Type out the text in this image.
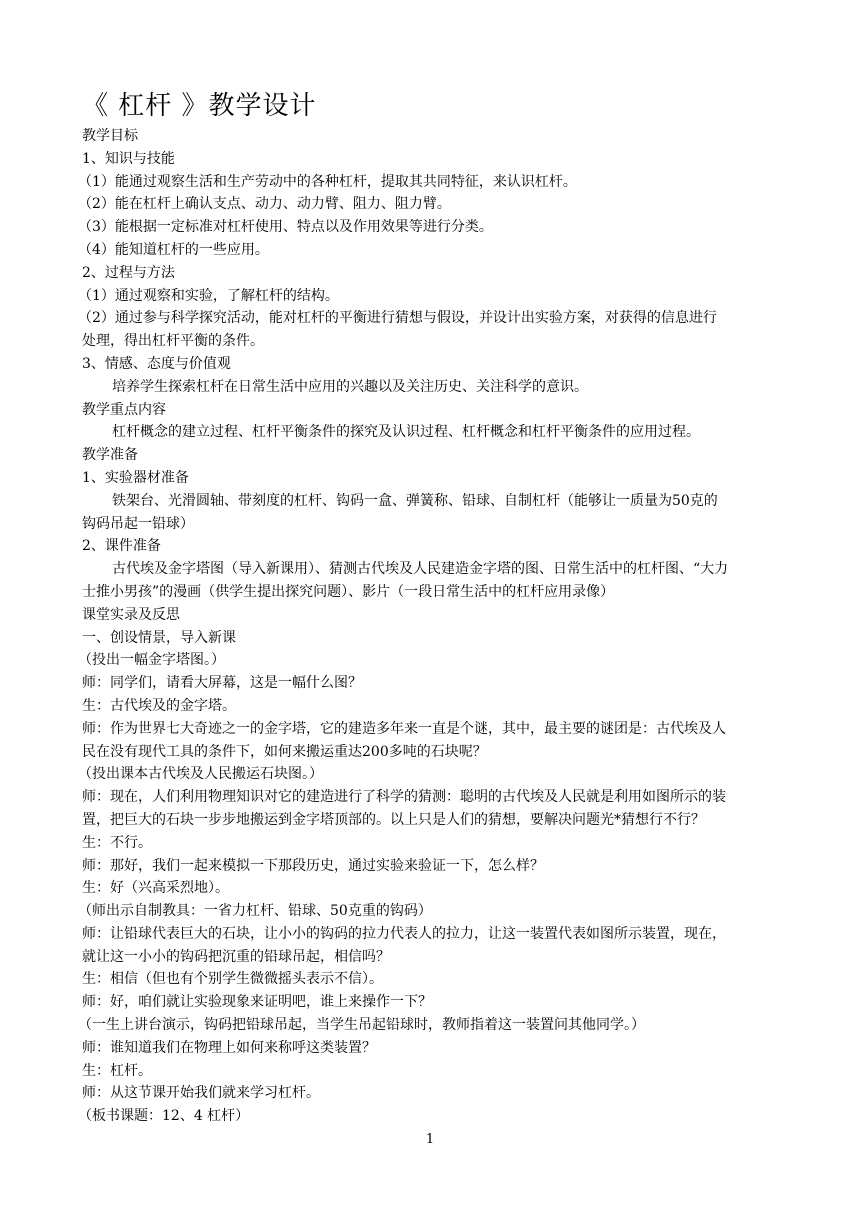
《 杠杆 》教学设计
教学目标
1、知识与技能
（1）能通过观察生活和生产劳动中的各种杠杆，提取其共同特征，来认识杠杆。
（2）能在杠杆上确认支点、动力、动力臂、阻力、阻力臂。
（3）能根据一定标准对杠杆使用、特点以及作用效果等进行分类。
（4）能知道杠杆的一些应用。
2、过程与方法
（1）通过观察和实验，了解杠杆的结构。
（2）通过参与科学探究活动，能对杠杆的平衡进行猜想与假设，并设计出实验方案，对获得的信息进行
处理，得出杠杆平衡的条件。
3、情感、态度与价值观
培养学生探索杠杆在日常生活中应用的兴趣以及关注历史、关注科学的意识。
教学重点内容
杠杆概念的建立过程、杠杆平衡条件的探究及认识过程、杠杆概念和杠杆平衡条件的应用过程。
教学准备
1、实验器材准备
铁架台、光滑圆轴、带刻度的杠杆、钩码一盒、弹簧称、铅球、自制杠杆（能够让一质量为50克的
钩码吊起一铅球）
2、课件准备
古代埃及金字塔图（导入新课用）、猜测古代埃及人民建造金字塔的图、日常生活中的杠杆图、“大力
士推小男孩”的漫画（供学生提出探究问题）、影片（一段日常生活中的杠杆应用录像）
课堂实录及反思
一、创设情景，导入新课
（投出一幅金字塔图。）
师：同学们，请看大屏幕，这是一幅什么图？
生：古代埃及的金字塔。
师：作为世界七大奇迹之一的金字塔，它的建造多年来一直是个谜，其中，最主要的谜团是：古代埃及人
民在没有现代工具的条件下，如何来搬运重达200多吨的石块呢？
（投出课本古代埃及人民搬运石块图。）
师：现在，人们利用物理知识对它的建造进行了科学的猜测：聪明的古代埃及人民就是利用如图所示的装
置，把巨大的石块一步步地搬运到金字塔顶部的。以上只是人们的猜想，要解决问题光*猜想行不行？
生：不行。
师：那好，我们一起来模拟一下那段历史，通过实验来验证一下，怎么样？
生：好（兴高采烈地）。
（师出示自制教具：一省力杠杆、铅球、50克重的钩码）
师：让铅球代表巨大的石块，让小小的钩码的拉力代表人的拉力，让这一装置代表如图所示装置，现在，
就让这一小小的钩码把沉重的铅球吊起，相信吗？
生：相信（但也有个别学生微微摇头表示不信）。
师：好，咱们就让实验现象来证明吧，谁上来操作一下？
（一生上讲台演示，钩码把铅球吊起，当学生吊起铅球时，教师指着这一装置问其他同学。）
师：谁知道我们在物理上如何来称呼这类装置？
生：杠杆。
师：从这节课开始我们就来学习杠杆。
（板书课题：12、4 杠杆）
1
